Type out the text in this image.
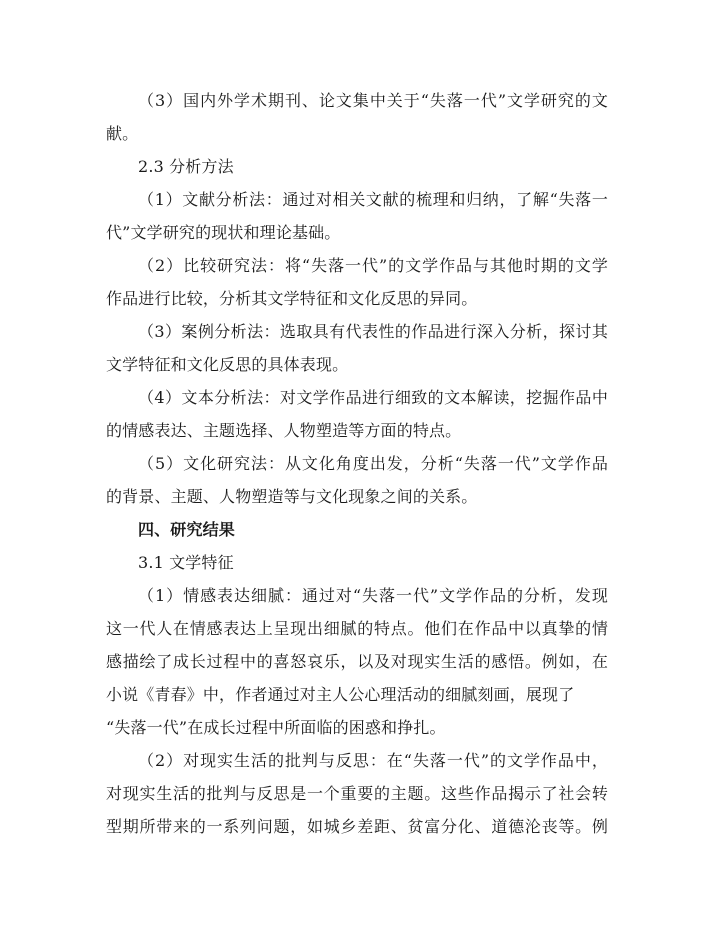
（3）国内外学术期刊、论文集中关于“失落一代”文学研究的文
献。
2.3 分析方法
（1）文献分析法：通过对相关文献的梳理和归纳，了解“失落一
代”文学研究的现状和理论基础。
（2）比较研究法：将“失落一代”的文学作品与其他时期的文学
作品进行比较，分析其文学特征和文化反思的异同。
（3）案例分析法：选取具有代表性的作品进行深入分析，探讨其
文学特征和文化反思的具体表现。
（4）文本分析法：对文学作品进行细致的文本解读，挖掘作品中
的情感表达、主题选择、人物塑造等方面的特点。
（5）文化研究法：从文化角度出发，分析“失落一代”文学作品
的背景、主题、人物塑造等与文化现象之间的关系。
四、研究结果
3.1 文学特征
（1）情感表达细腻：通过对“失落一代”文学作品的分析，发现
这一代人在情感表达上呈现出细腻的特点。他们在作品中以真挚的情
感描绘了成长过程中的喜怒哀乐，以及对现实生活的感悟。例如，在
小说《青春》中，作者通过对主人公心理活动的细腻刻画，展现了
“失落一代”在成长过程中所面临的困惑和挣扎。
（2）对现实生活的批判与反思：在“失落一代”的文学作品中，
对现实生活的批判与反思是一个重要的主题。这些作品揭示了社会转
型期所带来的一系列问题，如城乡差距、贫富分化、道德沦丧等。例
